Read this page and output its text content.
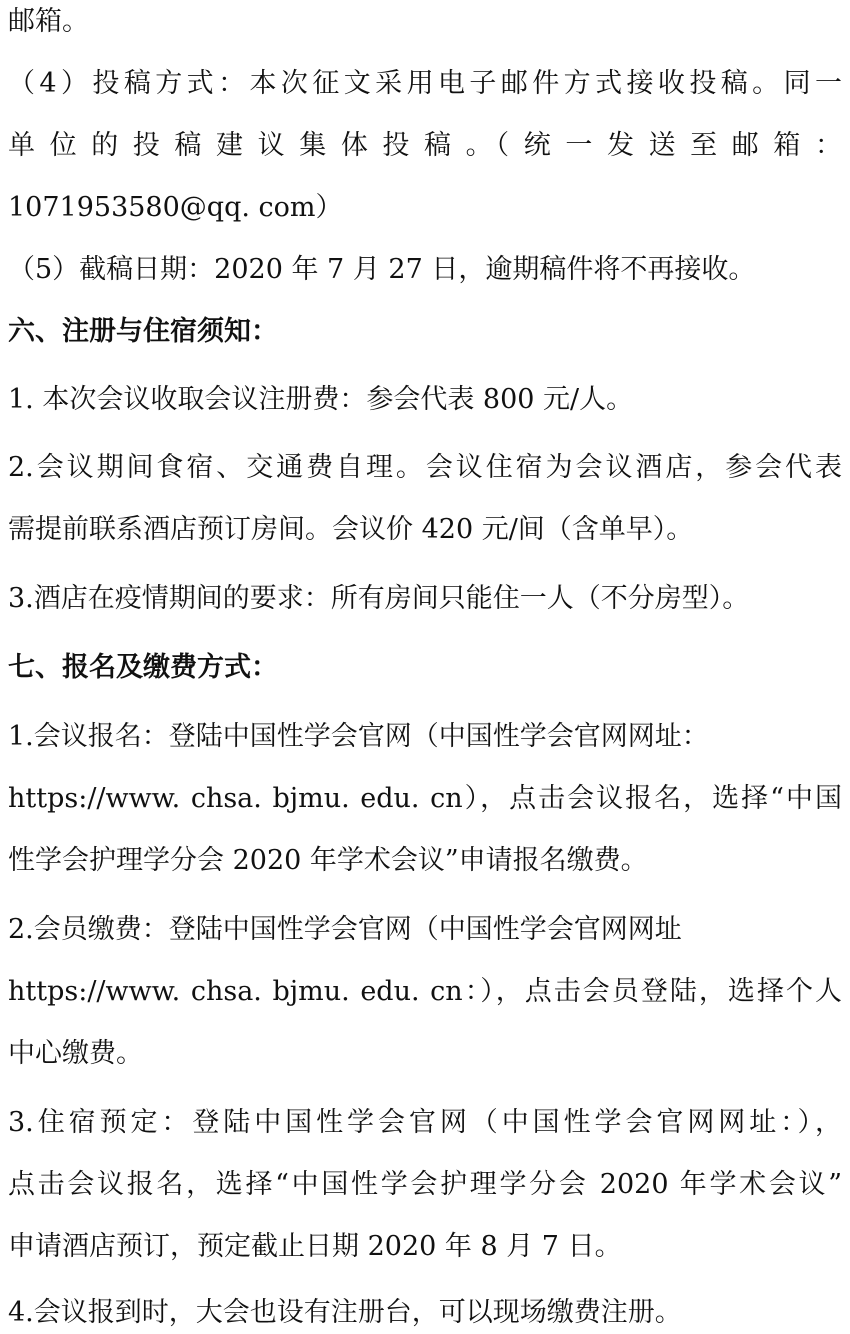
邮箱。
（4）投稿方式：本次征文采用电子邮件方式接收投稿。同一
单 位 的 投 稿 建 议 集 体 投 稿 。（ 统 一 发 送 至 邮 箱 ：
1071953580@qq. com）
（5）截稿日期：2020 年 7 月 27 日，逾期稿件将不再接收。
六、注册与住宿须知：
1. 本次会议收取会议注册费：参会代表 800 元/人。
2.会议期间食宿、交通费自理。会议住宿为会议酒店，参会代表
需提前联系酒店预订房间。会议价 420 元/间（含单早）。
3.酒店在疫情期间的要求：所有房间只能住一人（不分房型）。
七、报名及缴费方式：
1.会议报名：登陆中国性学会官网（中国性学会官网网址：
https://www. chsa. bjmu. edu. cn），点击会议报名，选择“中国
性学会护理学分会 2020 年学术会议”申请报名缴费。
2.会员缴费：登陆中国性学会官网（中国性学会官网网址
https://www. chsa. bjmu. edu. cn：），点击会员登陆，选择个人
中心缴费。
3.住宿预定：登陆中国性学会官网（中国性学会官网网址：），
点击会议报名，选择“中国性学会护理学分会 2020 年学术会议”
申请酒店预订，预定截止日期 2020 年 8 月 7 日。
4.会议报到时，大会也设有注册台，可以现场缴费注册。
